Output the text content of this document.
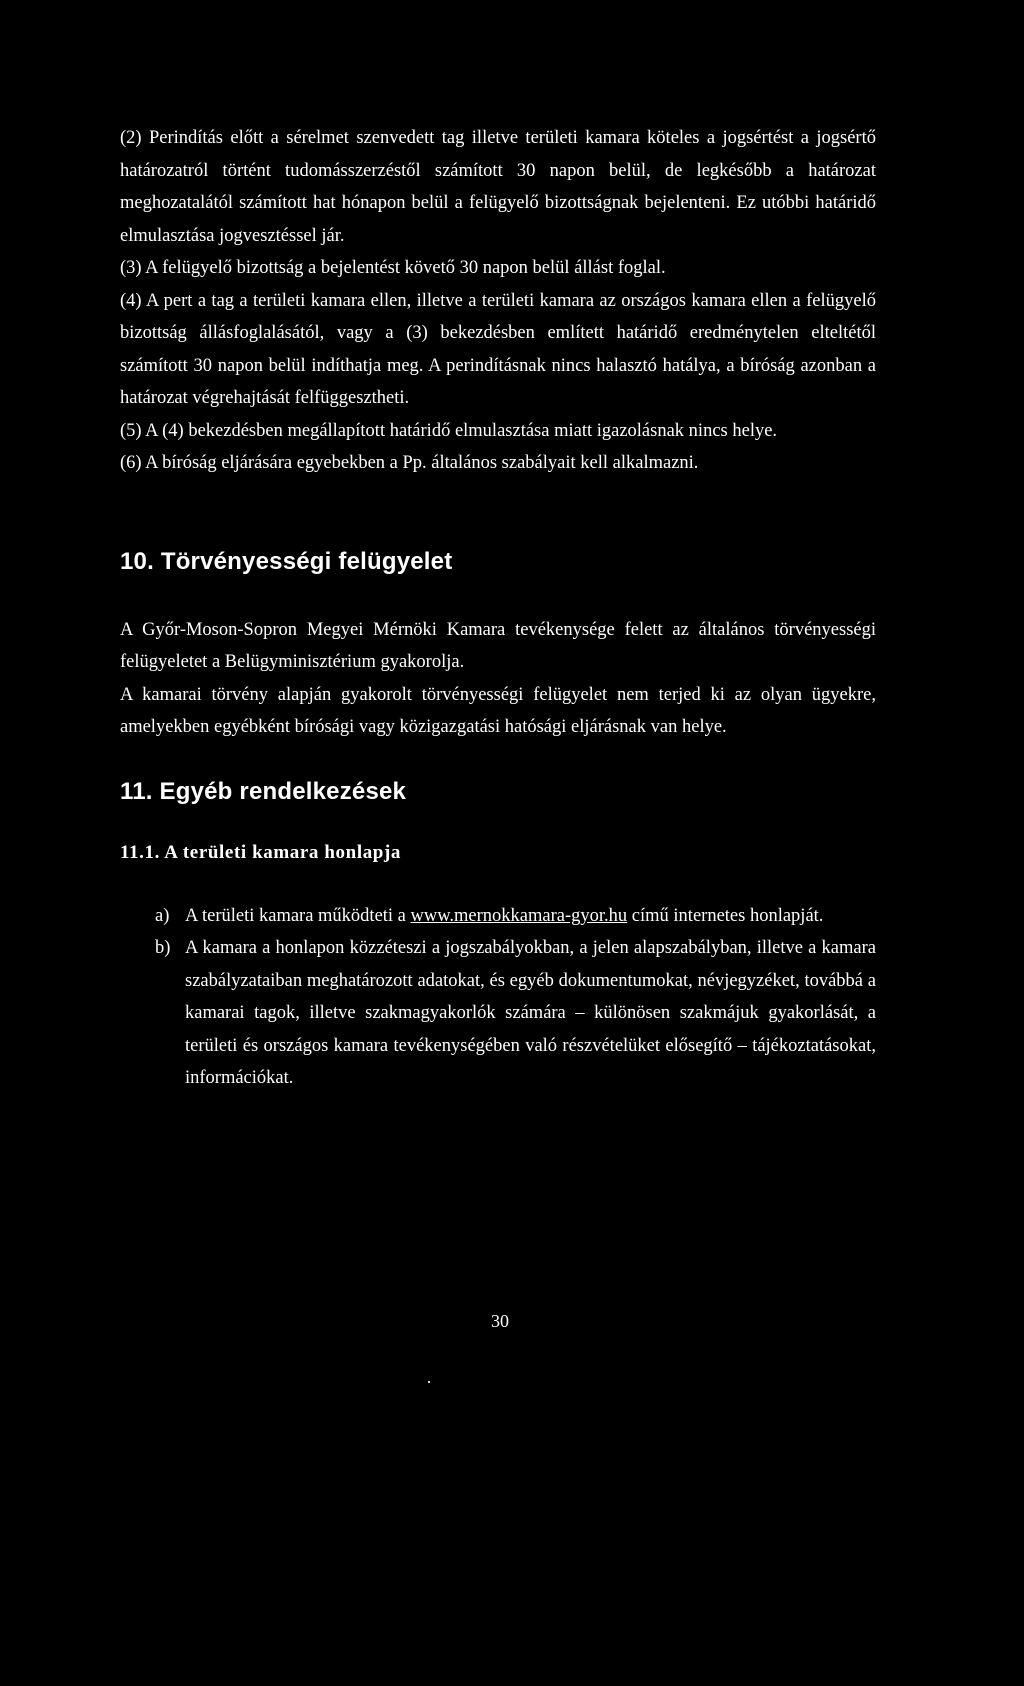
(2) Perindítás előtt a sérelmet szenvedett tag illetve területi kamara köteles a jogsértést a jogsértő határozatról történt tudomásszerzéstől számított 30 napon belül, de legkésőbb a határozat meghozatalától számított hat hónapon belül a felügyelő bizottságnak bejelenteni. Ez utóbbi határidő elmulasztása jogvesztéssel jár.

(3) A felügyelő bizottság a bejelentést követő 30 napon belül állást foglal.

(4) A pert a tag a területi kamara ellen, illetve a területi kamara az országos kamara ellen a felügyelő bizottság állásfoglalásától, vagy a (3) bekezdésben említett határidő eredménytelen elteltétől számított 30 napon belül indíthatja meg. A perindításnak nincs halasztó hatálya, a bíróság azonban a határozat végrehajtását felfüggesztheti.

(5) A (4) bekezdésben megállapított határidő elmulasztása miatt igazolásnak nincs helye.

(6) A bíróság eljárására egyebekben a Pp. általános szabályait kell alkalmazni.

10. Törvényességi felügyelet

A Győr-Moson-Sopron Megyei Mérnöki Kamara tevékenysége felett az általános törvényességi felügyeletet a Belügyminisztérium gyakorolja.

A kamarai törvény alapján gyakorolt törvényességi felügyelet nem terjed ki az olyan ügyekre, amelyekben egyébként bírósági vagy közigazgatási hatósági eljárásnak van helye.

11. Egyéb rendelkezések
11.1. A területi kamara honlapja
a) A területi kamara működteti a www.mernokkamara-gyor.hu című internetes honlapját.
b) A kamara a honlapon közzéteszi a jogszabályokban, a jelen alapszabályban, illetve a kamara szabályzataiban meghatározott adatokat, és egyéb dokumentumokat, névjegyzéket, továbbá a kamarai tagok, illetve szakmagyakorlók számára – különösen szakmájuk gyakorlását, a területi és országos kamara tevékenységében való részvételüket elősegítő – tájékoztatásokat, információkat.
30
